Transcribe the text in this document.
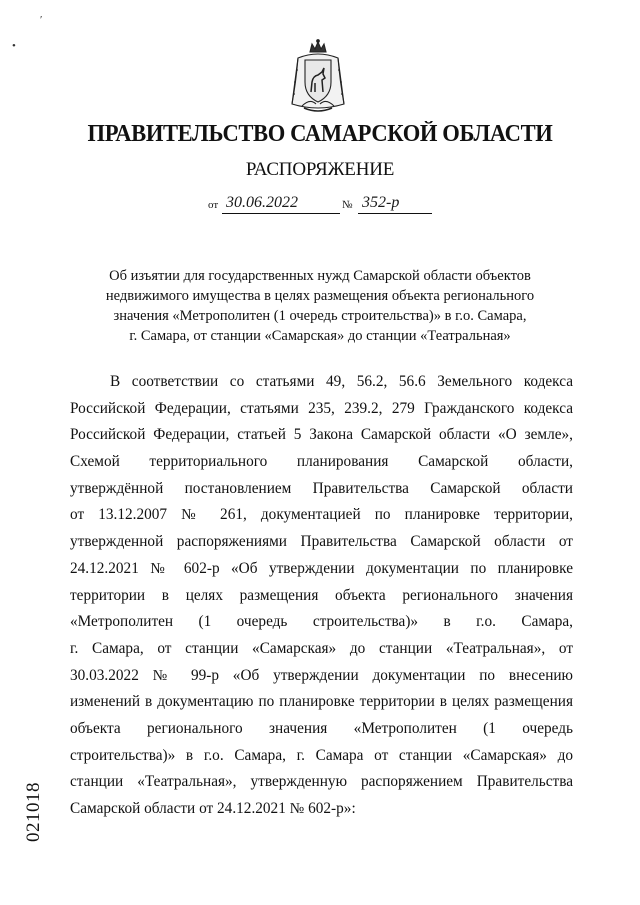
ʹ
•
ПРАВИТЕЛЬСТВО САМАРСКОЙ ОБЛАСТИ
РАСПОРЯЖЕНИЕ
от 30.06.2022	№ 352-р
Об изъятии для государственных нужд Самарской области объектов
недвижимого имущества в целях размещения объекта регионального
значения «Метрополитен (1 очередь строительства)» в г.о. Самара,
г. Самара, от станции «Самарская» до станции «Театральная»
В соответствии со статьями 49, 56.2, 56.6 Земельного кодекса
Российской Федерации, статьями 235, 239.2, 279 Гражданского кодекса
Российской Федерации, статьей 5 Закона Самарской области «О земле»,
Схемой территориального планирования Самарской области,
утверждённой постановлением Правительства Самарской области
от 13.12.2007 № 261, документацией по планировке территории,
утвержденной распоряжениями Правительства Самарской области от
24.12.2021 № 602-р «Об утверждении документации по планировке
территории в целях размещения объекта регионального значения
«Метрополитен (1 очередь строительства)» в г.о. Самара,
г. Самара, от станции «Самарская» до станции «Театральная», от
30.03.2022 № 99-р «Об утверждении документации по внесению
изменений в документацию по планировке территории в целях размещения
объекта регионального значения «Метрополитен (1 очередь
строительства)» в г.о. Самара, г. Самара от станции «Самарская» до
станции «Театральная», утвержденную распоряжением Правительства
Самарской области от 24.12.2021 № 602-р»:
021018
